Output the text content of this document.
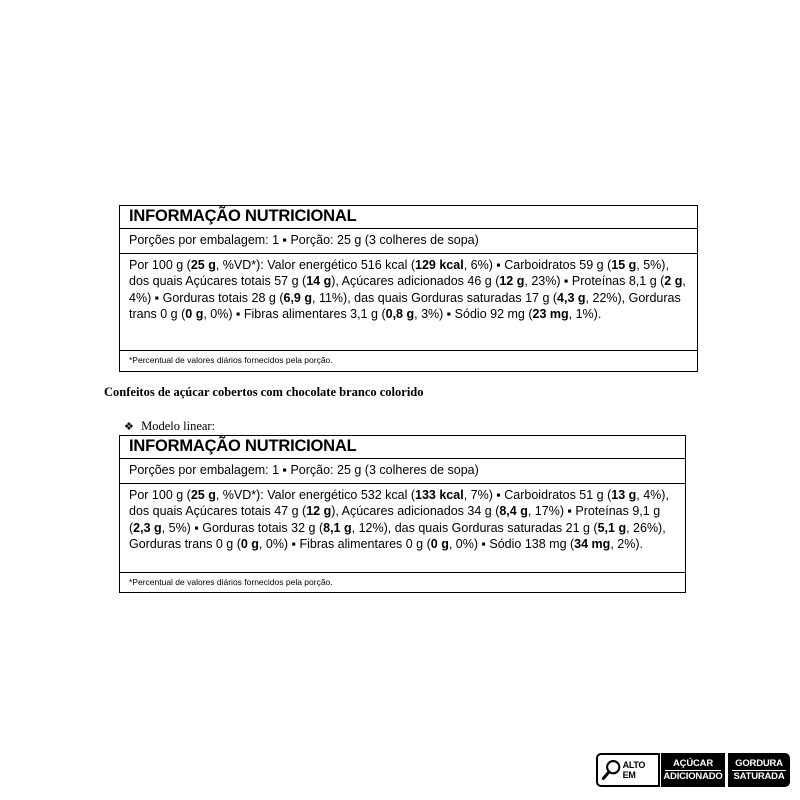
INFORMAÇÃO NUTRICIONAL
Porções por embalagem: 1 ▪ Porção: 25 g (3 colheres de sopa)
Por 100 g (25 g, %VD*): Valor energético 516 kcal (129 kcal, 6%) ▪ Carboidratos 59 g (15 g, 5%), dos quais Açúcares totais 57 g (14 g), Açúcares adicionados 46 g (12 g, 23%) ▪ Proteínas 8,1 g (2 g, 4%) ▪ Gorduras totais 28 g (6,9 g, 11%), das quais Gorduras saturadas 17 g (4,3 g, 22%), Gorduras trans 0 g (0 g, 0%) ▪ Fibras alimentares 3,1 g (0,8 g, 3%) ▪ Sódio 92 mg (23 mg, 1%).
*Percentual de valores diários fornecidos pela porção.
Confeitos de açúcar cobertos com chocolate branco colorido
❖ Modelo linear:
INFORMAÇÃO NUTRICIONAL
Porções por embalagem: 1 ▪ Porção: 25 g (3 colheres de sopa)
Por 100 g (25 g, %VD*): Valor energético 532 kcal (133 kcal, 7%) ▪ Carboidratos 51 g (13 g, 4%), dos quais Açúcares totais 47 g (12 g), Açúcares adicionados 34 g (8,4 g, 17%) ▪ Proteínas 9,1 g (2,3 g, 5%) ▪ Gorduras totais 32 g (8,1 g, 12%), das quais Gorduras saturadas 21 g (5,1 g, 26%), Gorduras trans 0 g (0 g, 0%) ▪ Fibras alimentares 0 g (0 g, 0%) ▪ Sódio 138 mg (34 mg, 2%).
*Percentual de valores diários fornecidos pela porção.
ALTO EM
AÇÚCAR
ADICIONADO
GORDURA
SATURADA
